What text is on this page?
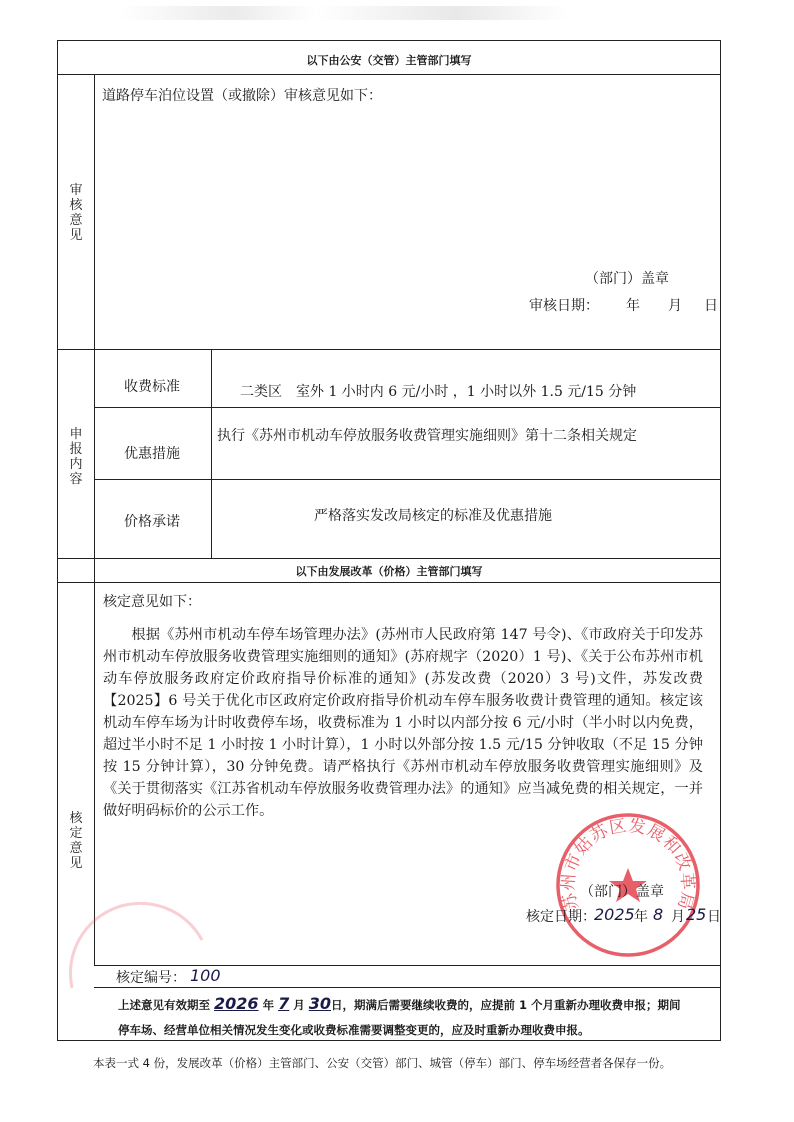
以下由公安（交管）主管部门填写
审核意见
道路停车泊位设置（或撤除）审核意见如下：
（部门）盖章
审核日期： 年 月 日
申报内容
收费标准	二类区　室外 1 小时内 6 元/小时 ，1 小时以外 1.5 元/15 分钟
优惠措施
执行《苏州市机动车停放服务收费管理实施细则》第十二条相关规定
价格承诺	严格落实发改局核定的标准及优惠措施
以下由发展改革（价格）主管部门填写
核定意见
核定意见如下：
根据《苏州市机动车停车场管理办法》(苏州市人民政府第 147 号令)、《市政府关于印发苏州市机动车停放服务收费管理实施细则的通知》(苏府规字（2020）1 号)、《关于公布苏州市机动车停放服务政府定价政府指导价标准的通知》(苏发改费（2020）3 号)文件，苏发改费【2025】6 号关于优化市区政府定价政府指导价机动车停车服务收费计费管理的通知。核定该机动车停车场为计时收费停车场，收费标准为 1 小时以内部分按 6 元/小时（半小时以内免费，超过半小时不足 1 小时按 1 小时计算），1 小时以外部分按 1.5 元/15 分钟收取（不足 15 分钟按 15 分钟计算），30 分钟免费。请严格执行《苏州市机动车停放服务收费管理实施细则》及《关于贯彻落实《江苏省机动车停放服务收费管理办法》的通知》应当减免费的相关规定，一并做好明码标价的公示工作。
（部门）盖章
核定日期：
2025 年 8 月 25 日
核定编号： 100
上述意见有效期至 2026 年 7 月 30日，期满后需要继续收费的，应提前 1 个月重新办理收费申报；期间
停车场、经营单位相关情况发生变化或收费标准需要调整变更的，应及时重新办理收费申报。
苏州市姑苏区发展和改革局
本表一式 4 份，发展改革（价格）主管部门、公安（交管）部门、城管（停车）部门、停车场经营者各保存一份。
